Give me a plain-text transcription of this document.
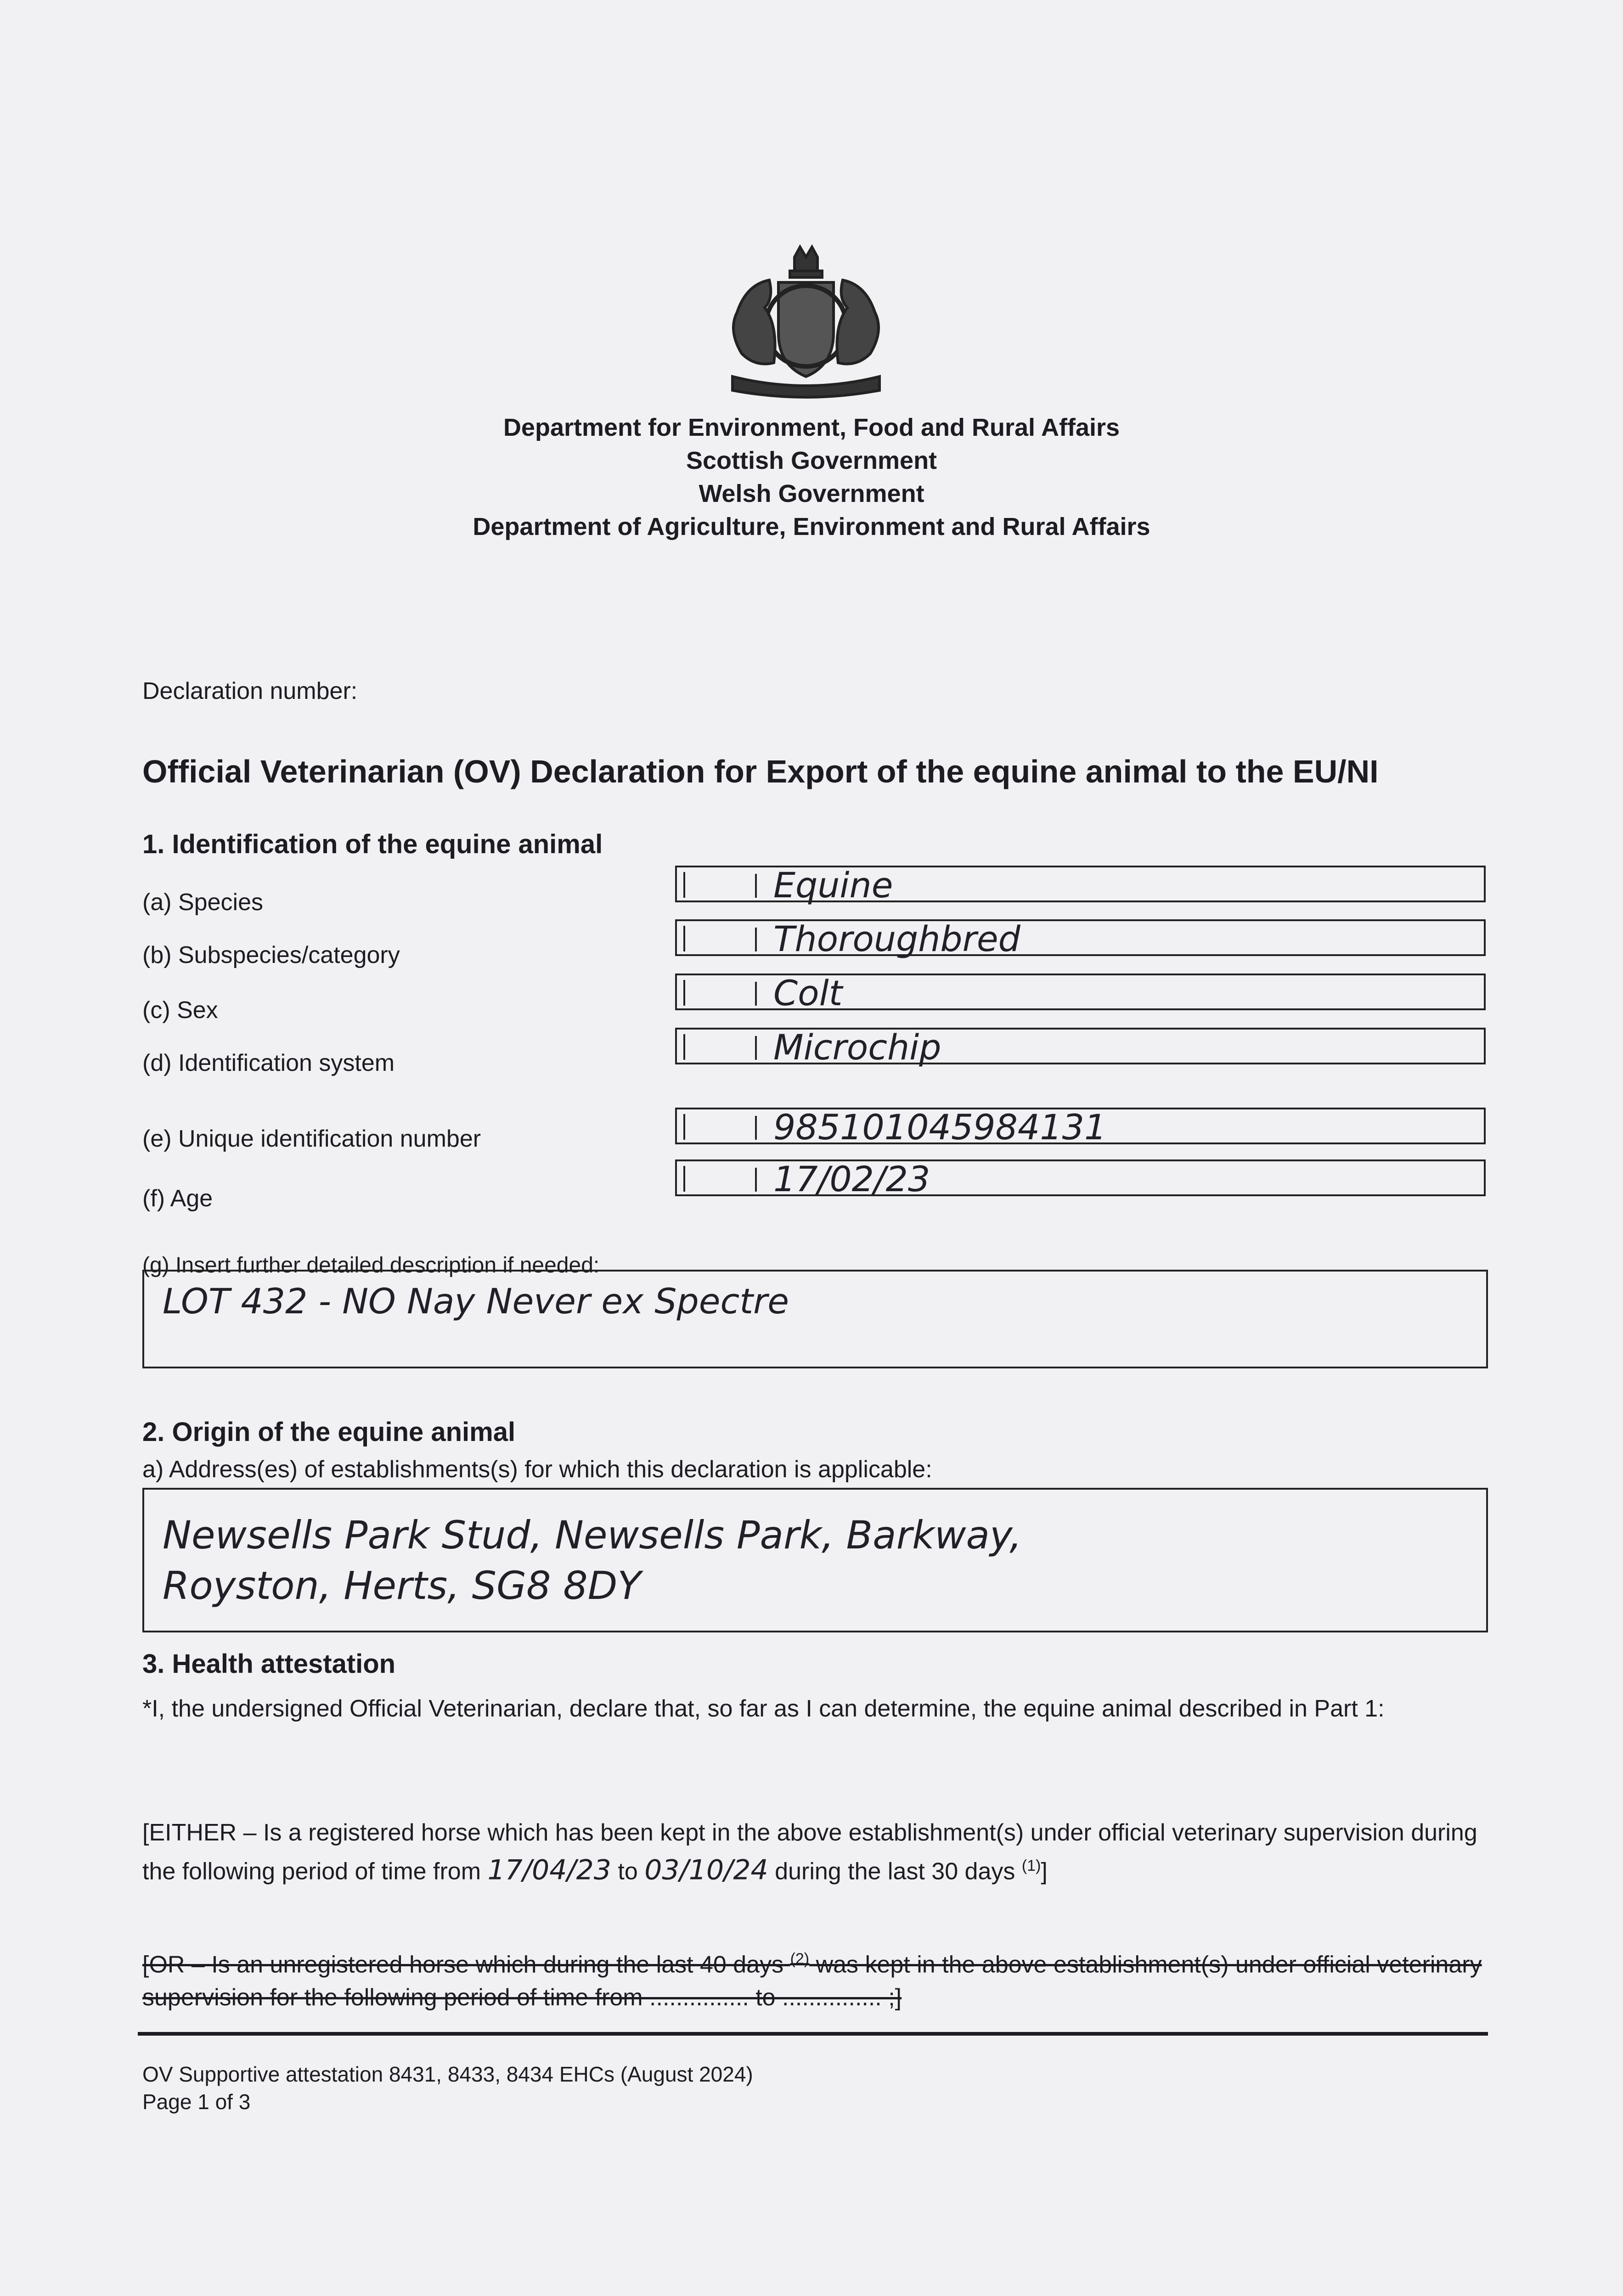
Department for Environment, Food and Rural Affairs
Scottish Government
Welsh Government
Department of Agriculture, Environment and Rural Affairs
Declaration number:
Official Veterinarian (OV) Declaration for Export of the equine animal to the EU/NI
1. Identification of the equine animal
(a) Species	Equine
(b) Subspecies/category	Thoroughbred
(c) Sex	Colt
(d) Identification system	Microchip
(e) Unique identification number	985101045984131
(f) Age	17/02/23
(g) Insert further detailed description if needed:
LOT 432 - NO Nay Never ex Spectre
2. Origin of the equine animal
a) Address(es) of establishments(s) for which this declaration is applicable:
Newsells Park Stud, Newsells Park, Barkway,
Royston, Herts, SG8 8DY
3. Health attestation
*I, the undersigned Official Veterinarian, declare that, so far as I can determine, the equine animal described in Part 1:
[EITHER – Is a registered horse which has been kept in the above establishment(s) under official veterinary supervision during the following period of time from 17/04/23 to 03/10/24 during the last 30 days $^{(1)}$]
[OR – Is an unregistered horse which during the last 40 days $^{(2)}$ was kept in the above establishment(s) under official veterinary supervision for the following period of time from ............... to ............... ;]
OV Supportive attestation 8431, 8433, 8434 EHCs (August 2024)
Page 1 of 3
